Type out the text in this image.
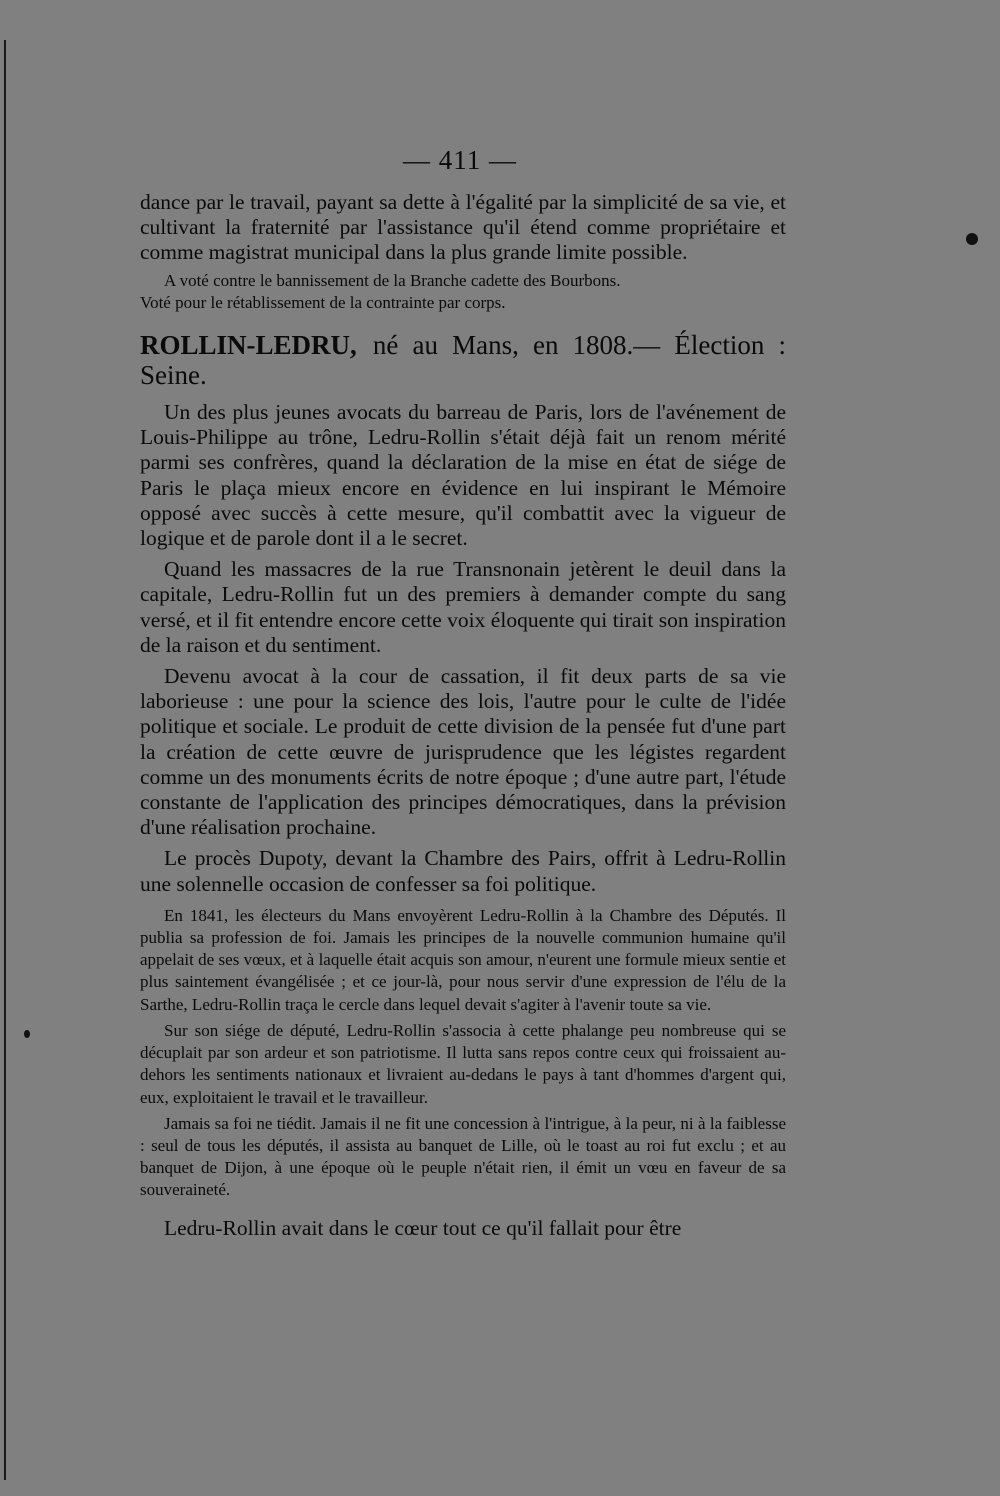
— 411 —

dance par le travail, payant sa dette à l'égalité par la simplicité de sa vie, et cultivant la fraternité par l'assistance qu'il étend comme propriétaire et comme magistrat municipal dans la plus grande limite possible.

A voté contre le bannissement de la Branche cadette des Bourbons.

Voté pour le rétablissement de la contrainte par corps.

ROLLIN-LEDRU, né au Mans, en 1808.— Élection : Seine.

Un des plus jeunes avocats du barreau de Paris, lors de l'avénement de Louis-Philippe au trône, Ledru-Rollin s'était déjà fait un renom mérité parmi ses confrères, quand la déclaration de la mise en état de siége de Paris le plaça mieux encore en évidence en lui inspirant le Mémoire opposé avec succès à cette mesure, qu'il combattit avec la vigueur de logique et de parole dont il a le secret.

Quand les massacres de la rue Transnonain jetèrent le deuil dans la capitale, Ledru-Rollin fut un des premiers à demander compte du sang versé, et il fit entendre encore cette voix éloquente qui tirait son inspiration de la raison et du sentiment.

Devenu avocat à la cour de cassation, il fit deux parts de sa vie laborieuse : une pour la science des lois, l'autre pour le culte de l'idée politique et sociale. Le produit de cette division de la pensée fut d'une part la création de cette œuvre de jurisprudence que les légistes regardent comme un des monuments écrits de notre époque ; d'une autre part, l'étude constante de l'application des principes démocratiques, dans la prévision d'une réalisation prochaine.

Le procès Dupoty, devant la Chambre des Pairs, offrit à Ledru-Rollin une solennelle occasion de confesser sa foi politique.

En 1841, les électeurs du Mans envoyèrent Ledru-Rollin à la Chambre des Députés. Il publia sa profession de foi. Jamais les principes de la nouvelle communion humaine qu'il appelait de ses vœux, et à laquelle était acquis son amour, n'eurent une formule mieux sentie et plus saintement évangélisée ; et ce jour-là, pour nous servir d'une expression de l'élu de la Sarthe, Ledru-Rollin traça le cercle dans lequel devait s'agiter à l'avenir toute sa vie.

Sur son siége de député, Ledru-Rollin s'associa à cette phalange peu nombreuse qui se décuplait par son ardeur et son patriotisme. Il lutta sans repos contre ceux qui froissaient au-dehors les sentiments nationaux et livraient au-dedans le pays à tant d'hommes d'argent qui, eux, exploitaient le travail et le travailleur.

Jamais sa foi ne tiédit. Jamais il ne fit une concession à l'intrigue, à la peur, ni à la faiblesse : seul de tous les députés, il assista au banquet de Lille, où le toast au roi fut exclu ; et au banquet de Dijon, à une époque où le peuple n'était rien, il émit un vœu en faveur de sa souveraineté.

Ledru-Rollin avait dans le cœur tout ce qu'il fallait pour être
